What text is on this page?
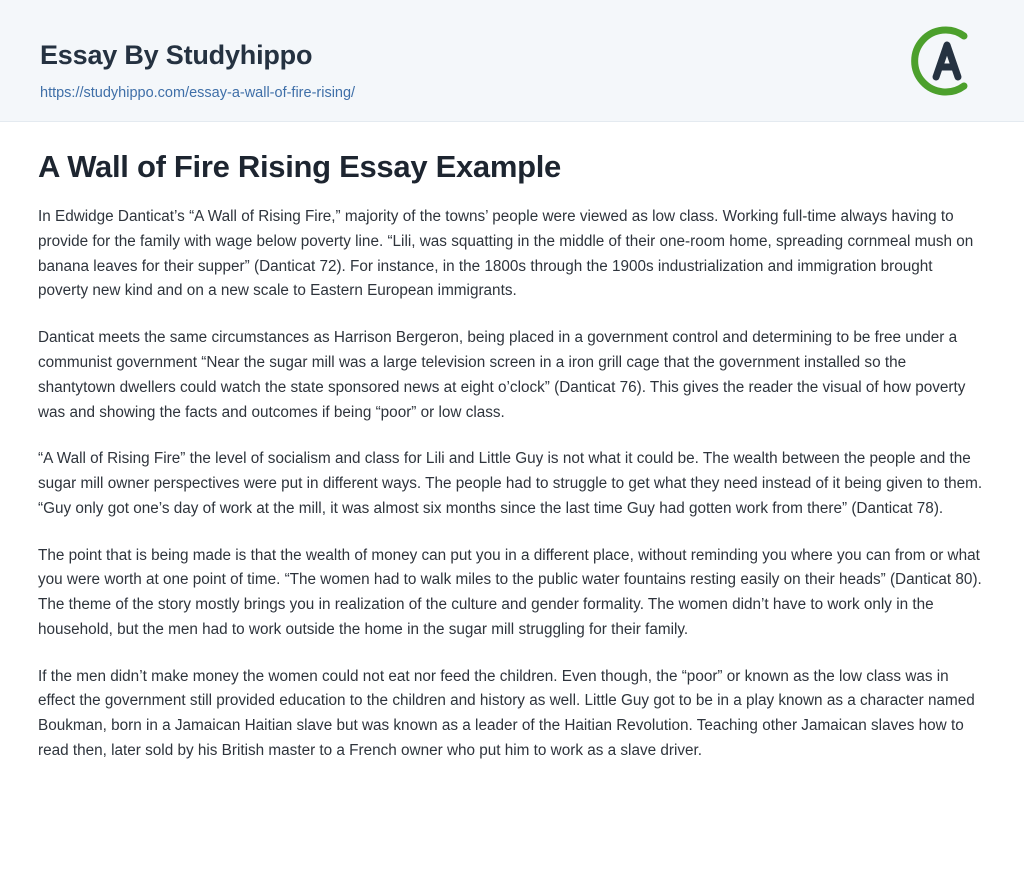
Essay By Studyhippo
https://studyhippo.com/essay-a-wall-of-fire-rising/
A Wall of Fire Rising Essay Example

In Edwidge Danticat’s “A Wall of Rising Fire,” majority of the towns’ people were viewed as low class. Working full-time always having to provide for the family with wage below poverty line. “Lili, was squatting in the middle of their one-room home, spreading cornmeal mush on banana leaves for their supper” (Danticat 72). For instance, in the 1800s through the 1900s industrialization and immigration brought poverty new kind and on a new scale to Eastern European immigrants.

Danticat meets the same circumstances as Harrison Bergeron, being placed in a government control and determining to be free under a communist government “Near the sugar mill was a large television screen in a iron grill cage that the government installed so the shantytown dwellers could watch the state sponsored news at eight o’clock” (Danticat 76). This gives the reader the visual of how poverty was and showing the facts and outcomes if being “poor” or low class.

“A Wall of Rising Fire” the level of socialism and class for Lili and Little Guy is not what it could be. The wealth between the people and the sugar mill owner perspectives were put in different ways. The people had to struggle to get what they need instead of it being given to them. “Guy only got one’s day of work at the mill, it was almost six months since the last time Guy had gotten work from there” (Danticat 78).

The point that is being made is that the wealth of money can put you in a different place, without reminding you where you can from or what you were worth at one point of time. “The women had to walk miles to the public water fountains resting easily on their heads” (Danticat 80). The theme of the story mostly brings you in realization of the culture and gender formality. The women didn’t have to work only in the household, but the men had to work outside the home in the sugar mill struggling for their family.

If the men didn’t make money the women could not eat nor feed the children. Even though, the “poor” or known as the low class was in effect the government still provided education to the children and history as well. Little Guy got to be in a play known as a character named Boukman, born in a Jamaican Haitian slave but was known as a leader of the Haitian Revolution. Teaching other Jamaican slaves how to read then, later sold by his British master to a French owner who put him to work as a slave driver.
